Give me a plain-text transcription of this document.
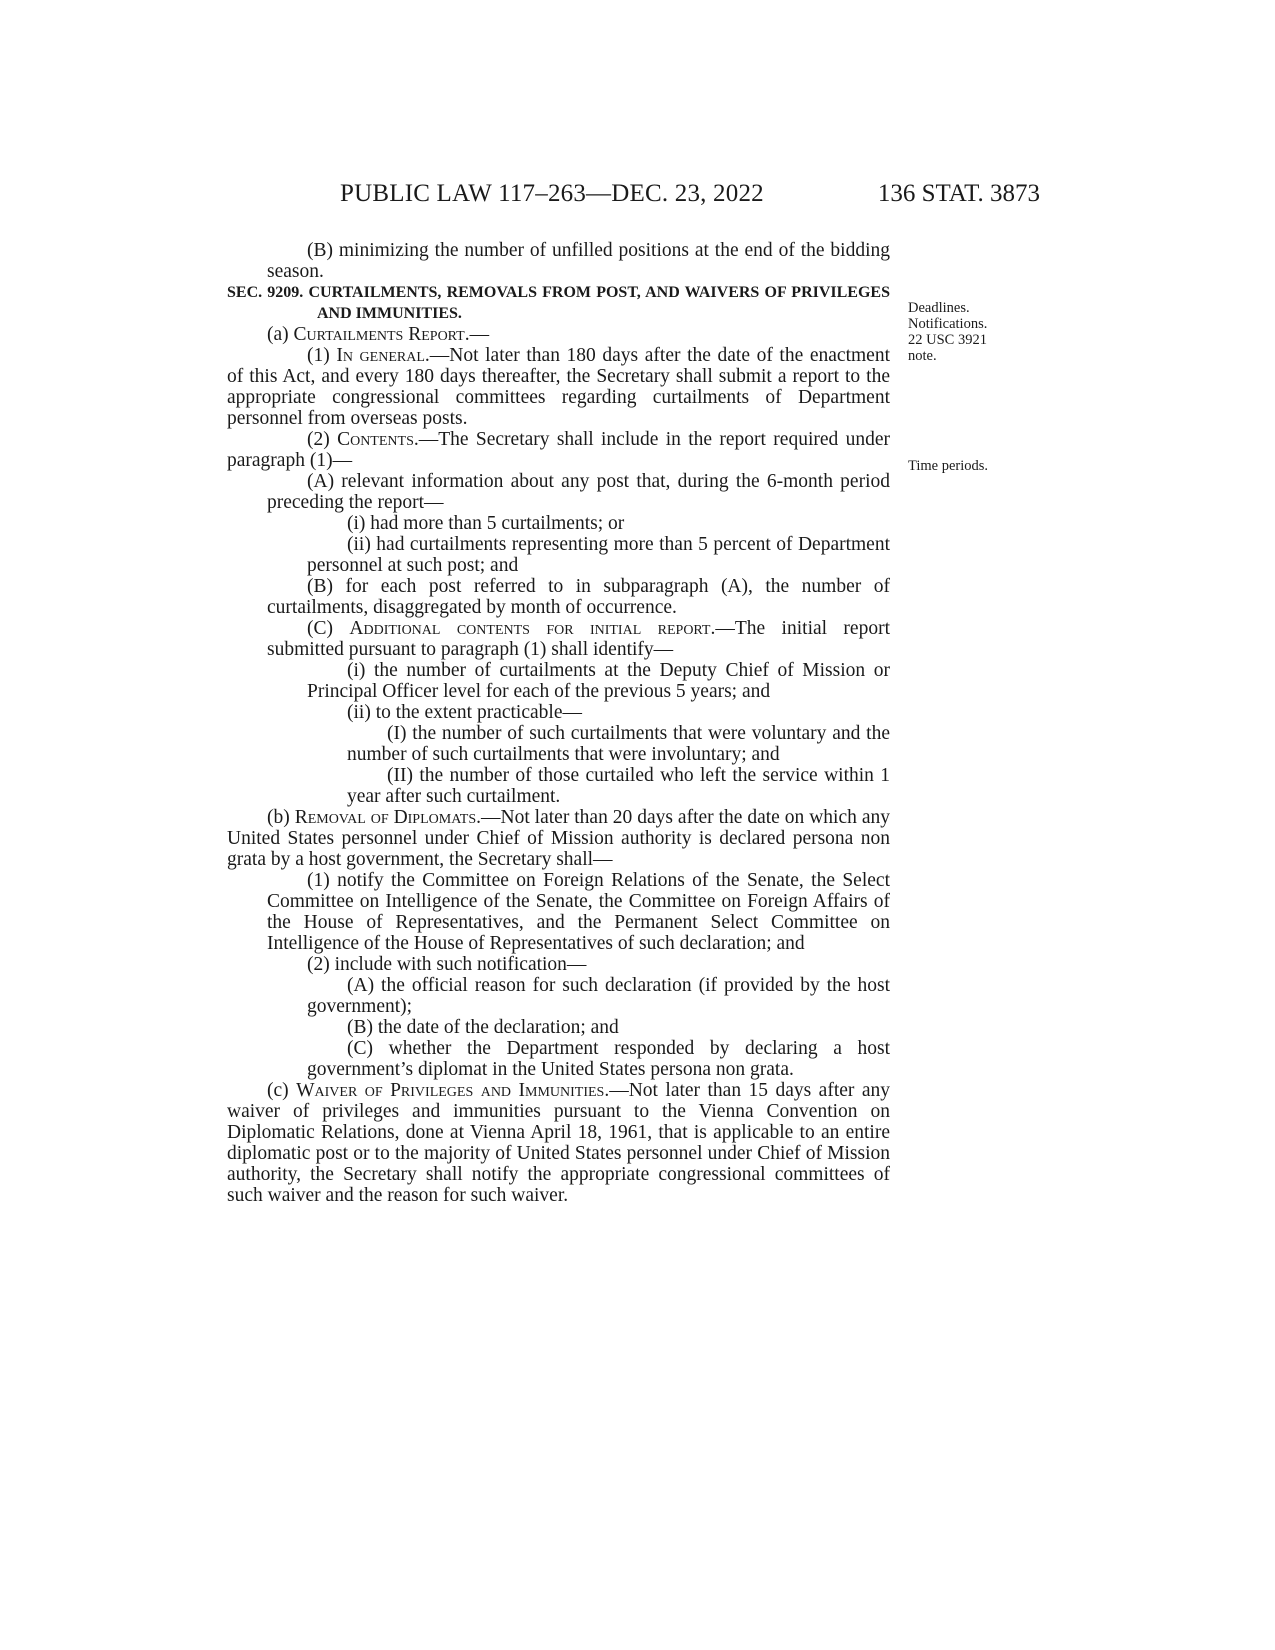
PUBLIC LAW 117–263—DEC. 23, 2022	136 STAT. 3873
Deadlines.
Notifications.
22 USC 3921
note.
Time periods.

(B) minimizing the number of unfilled positions at the end of the bidding season.

SEC. 9209. CURTAILMENTS, REMOVALS FROM POST, AND WAIVERS OF PRIVILEGES AND IMMUNITIES.

(a) Curtailments Report.—

(1) In general.—Not later than 180 days after the date of the enactment of this Act, and every 180 days thereafter, the Secretary shall submit a report to the appropriate congressional committees regarding curtailments of Department personnel from overseas posts.

(2) Contents.—The Secretary shall include in the report required under paragraph (1)—

(A) relevant information about any post that, during the 6-month period preceding the report—

(i) had more than 5 curtailments; or

(ii) had curtailments representing more than 5 percent of Department personnel at such post; and

(B) for each post referred to in subparagraph (A), the number of curtailments, disaggregated by month of occurrence.

(C) Additional contents for initial report.—The initial report submitted pursuant to paragraph (1) shall identify—

(i) the number of curtailments at the Deputy Chief of Mission or Principal Officer level for each of the previous 5 years; and

(ii) to the extent practicable—

(I) the number of such curtailments that were voluntary and the number of such curtailments that were involuntary; and

(II) the number of those curtailed who left the service within 1 year after such curtailment.

(b) Removal of Diplomats.—Not later than 20 days after the date on which any United States personnel under Chief of Mission authority is declared persona non grata by a host government, the Secretary shall—

(1) notify the Committee on Foreign Relations of the Senate, the Select Committee on Intelligence of the Senate, the Committee on Foreign Affairs of the House of Representatives, and the Permanent Select Committee on Intelligence of the House of Representatives of such declaration; and

(2) include with such notification—

(A) the official reason for such declaration (if provided by the host government);

(B) the date of the declaration; and

(C) whether the Department responded by declaring a host government’s diplomat in the United States persona non grata.

(c) Waiver of Privileges and Immunities.—Not later than 15 days after any waiver of privileges and immunities pursuant to the Vienna Convention on Diplomatic Relations, done at Vienna April 18, 1961, that is applicable to an entire diplomatic post or to the majority of United States personnel under Chief of Mission authority, the Secretary shall notify the appropriate congressional committees of such waiver and the reason for such waiver.
